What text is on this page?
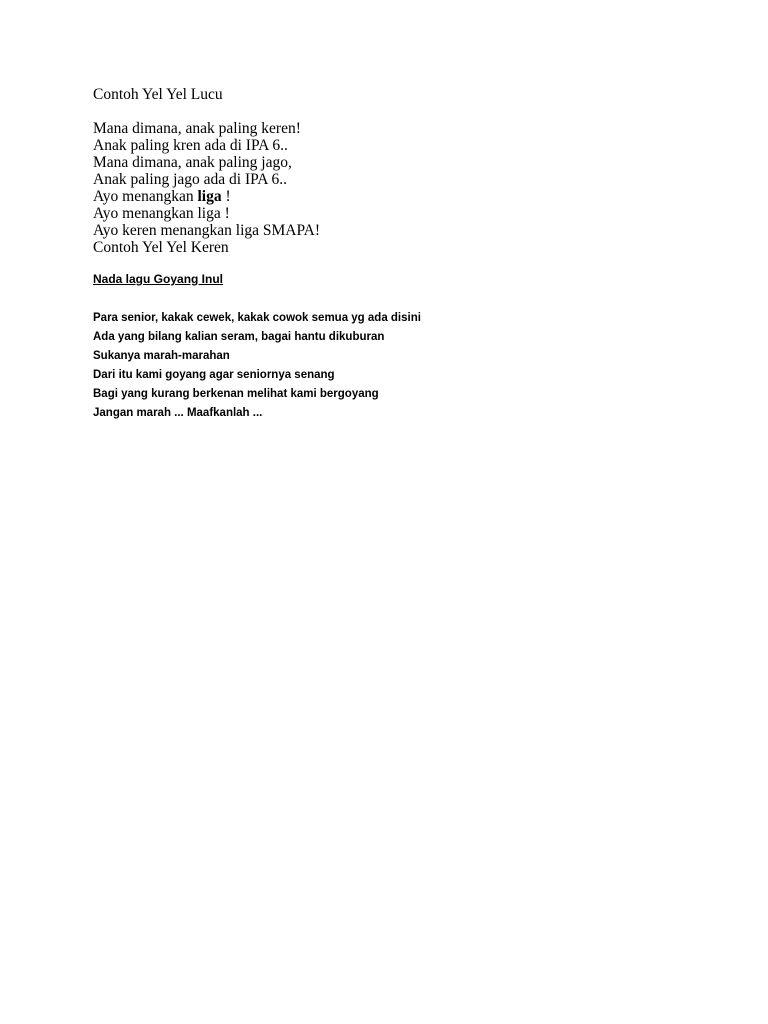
Contoh Yel Yel Lucu
Mana dimana, anak paling keren!
Anak paling kren ada di IPA 6..
Mana dimana, anak paling jago,
Anak paling jago ada di IPA 6..
Ayo menangkan liga !
Ayo menangkan liga !
Ayo keren menangkan liga SMAPA!
Contoh Yel Yel Keren
Nada lagu Goyang Inul
Para senior, kakak cewek, kakak cowok semua yg ada disini
Ada yang bilang kalian seram, bagai hantu dikuburan
Sukanya marah-marahan
Dari itu kami goyang agar seniornya senang
Bagi yang kurang berkenan melihat kami bergoyang
Jangan marah ... Maafkanlah ...
